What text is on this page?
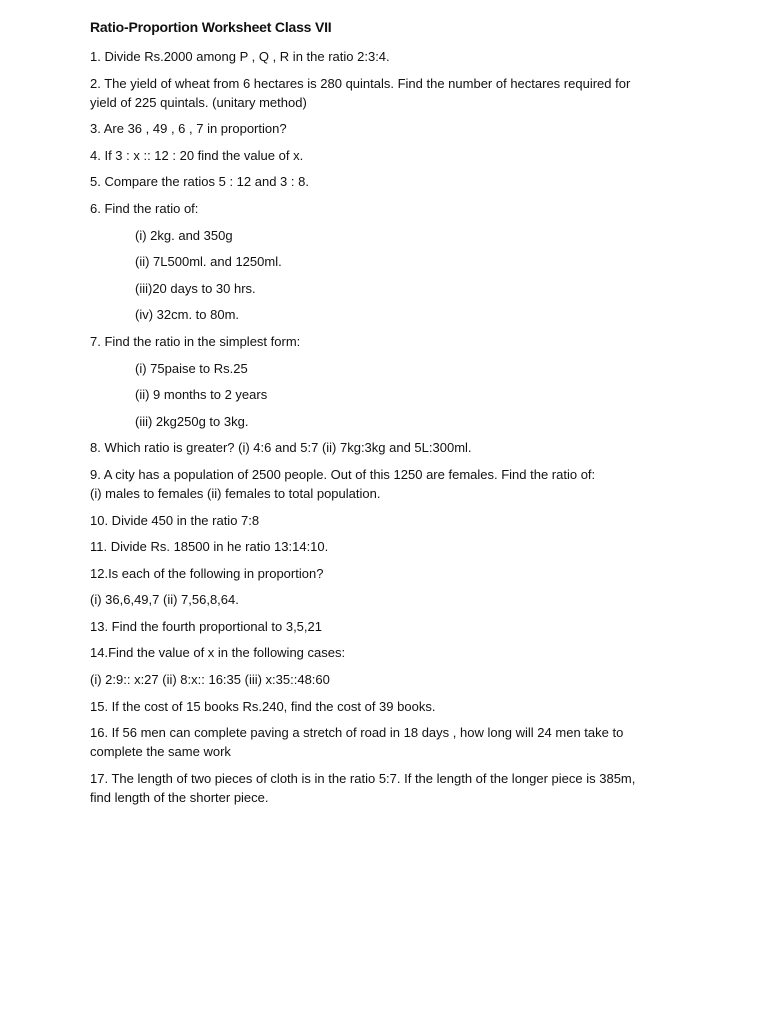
Ratio-Proportion Worksheet Class VII
1. Divide Rs.2000 among P , Q , R in the ratio 2:3:4.
2. The yield of wheat from 6 hectares is 280 quintals. Find the number of hectares required for
yield of 225 quintals. (unitary method)
3. Are 36 , 49 , 6 , 7 in proportion?
4. If 3 : x :: 12 : 20 find the value of x.
5. Compare the ratios 5 : 12 and 3 : 8.
6. Find the ratio of:
(i) 2kg. and 350g
(ii) 7L500ml. and 1250ml.
(iii)20 days to 30 hrs.
(iv) 32cm. to 80m.
7. Find the ratio in the simplest form:
(i) 75paise to Rs.25
(ii) 9 months to 2 years
(iii) 2kg250g to 3kg.
8. Which ratio is greater? (i) 4:6 and 5:7 (ii) 7kg:3kg and 5L:300ml.
9. A city has a population of 2500 people. Out of this 1250 are females. Find the ratio of:
(i) males to females (ii) females to total population.
10. Divide 450 in the ratio 7:8
11. Divide Rs. 18500 in he ratio 13:14:10.
12.Is each of the following in proportion?
(i) 36,6,49,7 (ii) 7,56,8,64.
13. Find the fourth proportional to 3,5,21
14.Find the value of x in the following cases:
(i) 2:9:: x:27 (ii) 8:x:: 16:35 (iii) x:35::48:60
15. If the cost of 15 books Rs.240, find the cost of 39 books.
16. If 56 men can complete paving a stretch of road in 18 days , how long will 24 men take to
complete the same work
17. The length of two pieces of cloth is in the ratio 5:7. If the length of the longer piece is 385m,
find length of the shorter piece.
